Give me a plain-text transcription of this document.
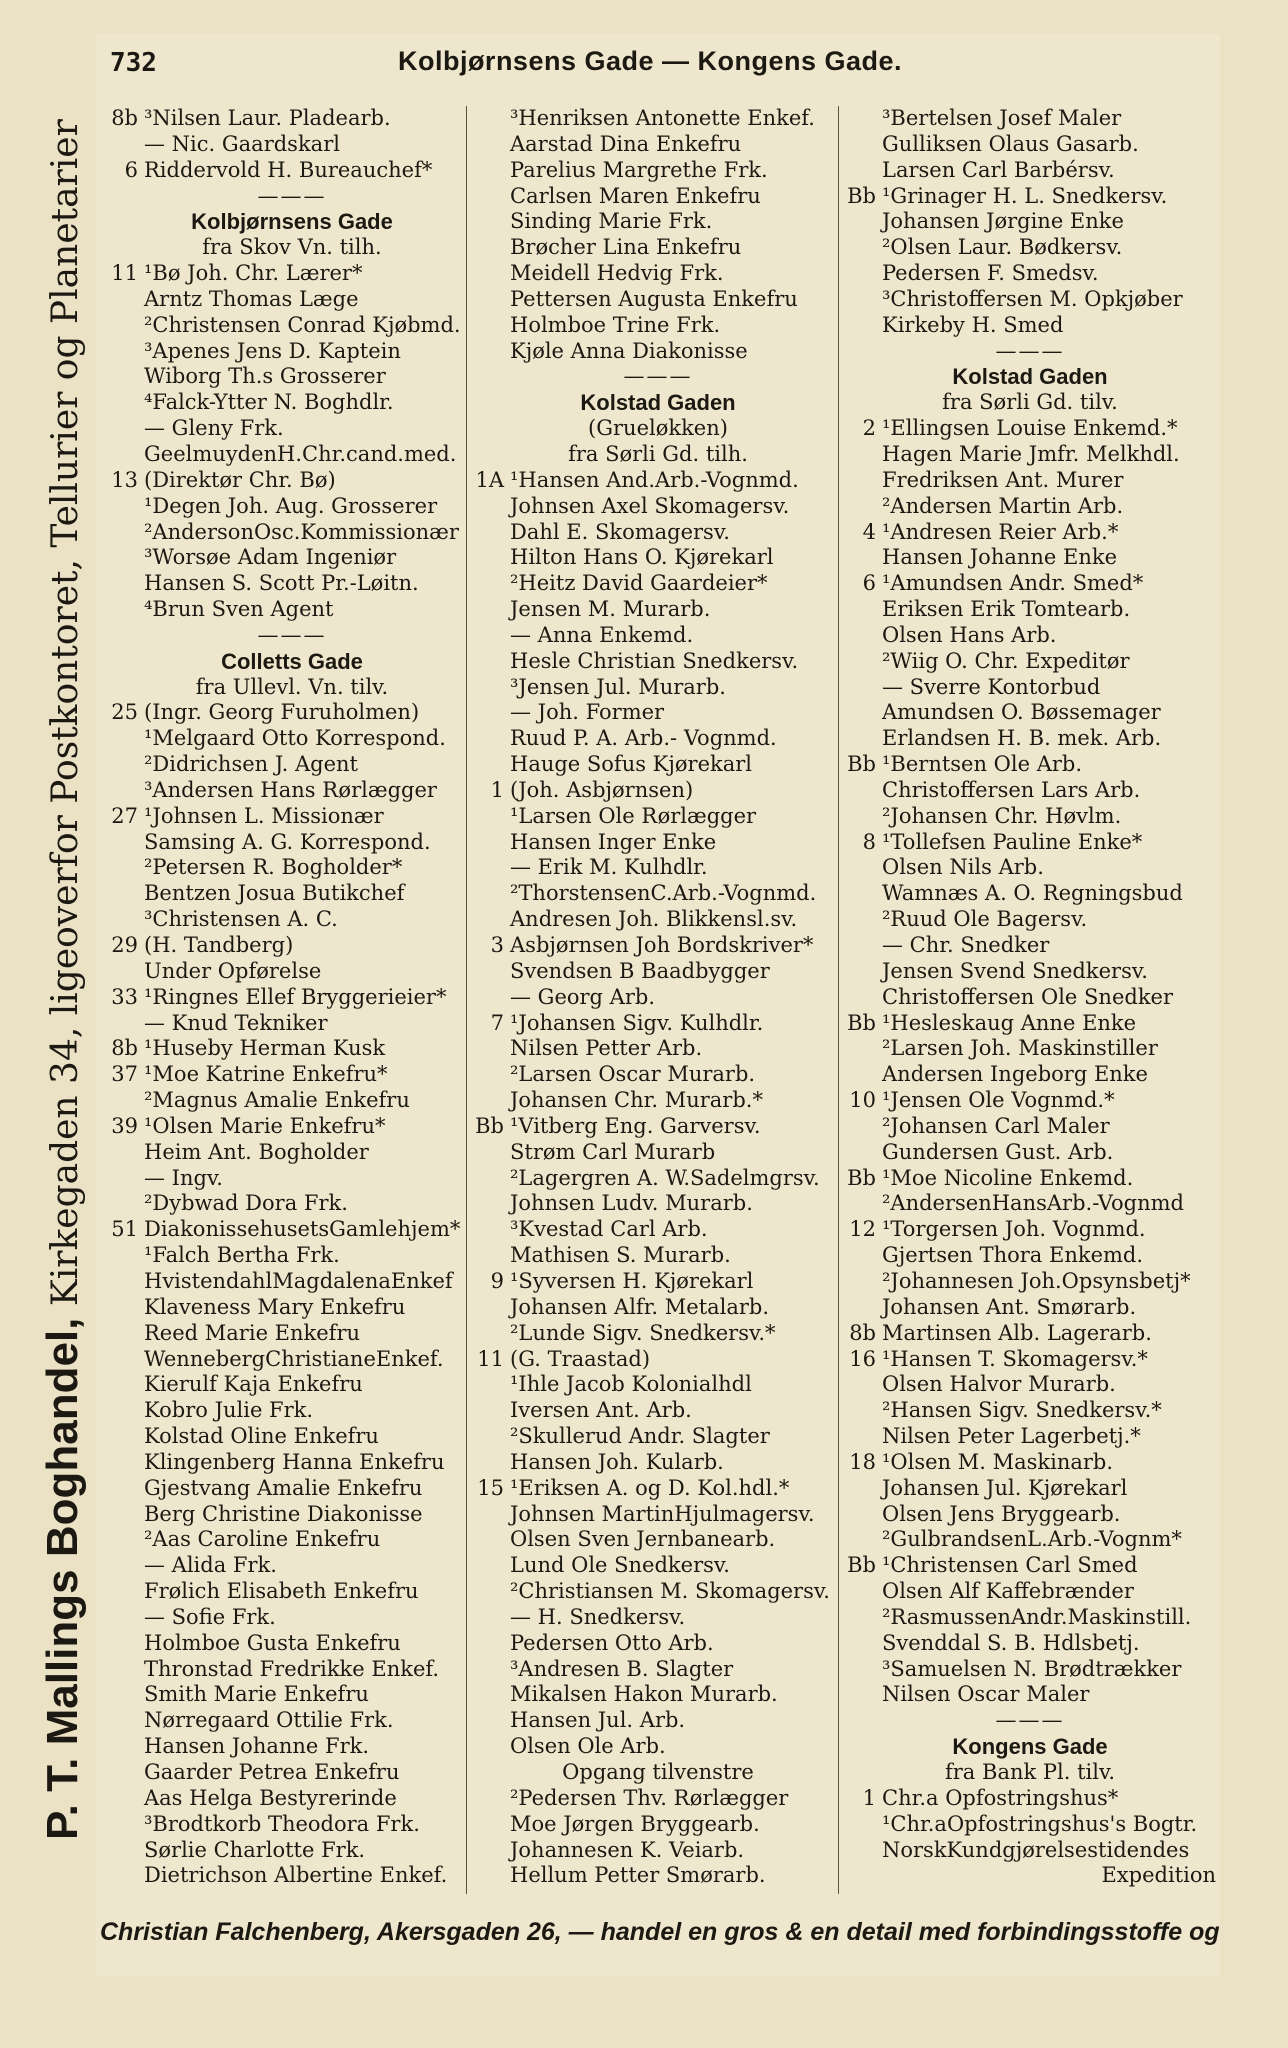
732	Kolbjørnsens Gade — Kongens Gade.
P. T. Mallings Boghandel, Kirkegaden 34, ligeoverfor Postkontoret, Tellurier og Planetarier
8b ³Nilsen Laur. Pladearb.
— Nic. Gaardskarl
6 Riddervold H. Bureauchef*
———
Kolbjørnsens Gade
fra Skov Vn. tilh.
11 ¹Bø Joh. Chr. Lærer*
Arntz Thomas Læge
²Christensen Conrad Kjøbmd.
³Apenes Jens D. Kaptein
Wiborg Th.s Grosserer
⁴Falck-Ytter N. Boghdlr.
— Gleny Frk.
GeelmuydenH.Chr.cand.med.
13 (Direktør Chr. Bø)
¹Degen Joh. Aug. Grosserer
²AndersonOsc.Kommissionær
³Worsøe Adam Ingeniør
Hansen S. Scott Pr.-Løitn.
⁴Brun Sven Agent
———
Colletts Gade
fra Ullevl. Vn. tilv.
25 (Ingr. Georg Furuholmen)
¹Melgaard Otto Korrespond.
²Didrichsen J. Agent
³Andersen Hans Rørlægger
27 ¹Johnsen L. Missionær
Samsing A. G. Korrespond.
²Petersen R. Bogholder*
Bentzen Josua Butikchef
³Christensen A. C.
29 (H. Tandberg)
Under Opførelse
33 ¹Ringnes Ellef Bryggerieier*
— Knud Tekniker
8b ¹Huseby Herman Kusk
37 ¹Moe Katrine Enkefru*
²Magnus Amalie Enkefru
39 ¹Olsen Marie Enkefru*
Heim Ant. Bogholder
— Ingv.
²Dybwad Dora Frk.
51 DiakonissehusetsGamlehjem*
¹Falch Bertha Frk.
HvistendahlMagdalenaEnkef
Klaveness Mary Enkefru
Reed Marie Enkefru
WennebergChristianeEnkef.
Kierulf Kaja Enkefru
Kobro Julie Frk.
Kolstad Oline Enkefru
Klingenberg Hanna Enkefru
Gjestvang Amalie Enkefru
Berg Christine Diakonisse
²Aas Caroline Enkefru
— Alida Frk.
Frølich Elisabeth Enkefru
— Sofie Frk.
Holmboe Gusta Enkefru
Thronstad Fredrikke Enkef.
Smith Marie Enkefru
Nørregaard Ottilie Frk.
Hansen Johanne Frk.
Gaarder Petrea Enkefru
Aas Helga Bestyrerinde
³Brodtkorb Theodora Frk.
Sørlie Charlotte Frk.
Dietrichson Albertine Enkef.
³Henriksen Antonette Enkef.
Aarstad Dina Enkefru
Parelius Margrethe Frk.
Carlsen Maren Enkefru
Sinding Marie Frk.
Brøcher Lina Enkefru
Meidell Hedvig Frk.
Pettersen Augusta Enkefru
Holmboe Trine Frk.
Kjøle Anna Diakonisse
———
Kolstad Gaden
(Grueløkken)
fra Sørli Gd. tilh.
1A ¹Hansen And.Arb.-Vognmd.
Johnsen Axel Skomagersv.
Dahl E. Skomagersv.
Hilton Hans O. Kjørekarl
²Heitz David Gaardeier*
Jensen M. Murarb.
— Anna Enkemd.
Hesle Christian Snedkersv.
³Jensen Jul. Murarb.
— Joh. Former
Ruud P. A. Arb.- Vognmd.
Hauge Sofus Kjørekarl
1 (Joh. Asbjørnsen)
¹Larsen Ole Rørlægger
Hansen Inger Enke
— Erik M. Kulhdlr.
²ThorstensenC.Arb.-Vognmd.
Andresen Joh. Blikkensl.sv.
3 Asbjørnsen Joh Bordskriver*
Svendsen B Baadbygger
— Georg Arb.
7 ¹Johansen Sigv. Kulhdlr.
Nilsen Petter Arb.
²Larsen Oscar Murarb.
Johansen Chr. Murarb.*
Bb ¹Vitberg Eng. Garversv.
Strøm Carl Murarb
²Lagergren A. W.Sadelmgrsv.
Johnsen Ludv. Murarb.
³Kvestad Carl Arb.
Mathisen S. Murarb.
9 ¹Syversen H. Kjørekarl
Johansen Alfr. Metalarb.
²Lunde Sigv. Snedkersv.*
11 (G. Traastad)
¹Ihle Jacob Kolonialhdl
Iversen Ant. Arb.
²Skullerud Andr. Slagter
Hansen Joh. Kularb.
15 ¹Eriksen A. og D. Kol.hdl.*
Johnsen MartinHjulmagersv.
Olsen Sven Jernbanearb.
Lund Ole Snedkersv.
²Christiansen M. Skomagersv.
— H. Snedkersv.
Pedersen Otto Arb.
³Andresen B. Slagter
Mikalsen Hakon Murarb.
Hansen Jul. Arb.
Olsen Ole Arb.
Opgang tilvenstre
²Pedersen Thv. Rørlægger
Moe Jørgen Bryggearb.
Johannesen K. Veiarb.
Hellum Petter Smørarb.
³Bertelsen Josef Maler
Gulliksen Olaus Gasarb.
Larsen Carl Barbérsv.
Bb ¹Grinager H. L. Snedkersv.
Johansen Jørgine Enke
²Olsen Laur. Bødkersv.
Pedersen F. Smedsv.
³Christoffersen M. Opkjøber
Kirkeby H. Smed
———
Kolstad Gaden
fra Sørli Gd. tilv.
2 ¹Ellingsen Louise Enkemd.*
Hagen Marie Jmfr. Melkhdl.
Fredriksen Ant. Murer
²Andersen Martin Arb.
4 ¹Andresen Reier Arb.*
Hansen Johanne Enke
6 ¹Amundsen Andr. Smed*
Eriksen Erik Tomtearb.
Olsen Hans Arb.
²Wiig O. Chr. Expeditør
— Sverre Kontorbud
Amundsen O. Bøssemager
Erlandsen H. B. mek. Arb.
Bb ¹Berntsen Ole Arb.
Christoffersen Lars Arb.
²Johansen Chr. Høvlm.
8 ¹Tollefsen Pauline Enke*
Olsen Nils Arb.
Wamnæs A. O. Regningsbud
²Ruud Ole Bagersv.
— Chr. Snedker
Jensen Svend Snedkersv.
Christoffersen Ole Snedker
Bb ¹Hesleskaug Anne Enke
²Larsen Joh. Maskinstiller
Andersen Ingeborg Enke
10 ¹Jensen Ole Vognmd.*
²Johansen Carl Maler
Gundersen Gust. Arb.
Bb ¹Moe Nicoline Enkemd.
²AndersenHansArb.-Vognmd
12 ¹Torgersen Joh. Vognmd.
Gjertsen Thora Enkemd.
²Johannesen Joh.Opsynsbetj*
Johansen Ant. Smørarb.
8b Martinsen Alb. Lagerarb.
16 ¹Hansen T. Skomagersv.*
Olsen Halvor Murarb.
²Hansen Sigv. Snedkersv.*
Nilsen Peter Lagerbetj.*
18 ¹Olsen M. Maskinarb.
Johansen Jul. Kjørekarl
Olsen Jens Bryggearb.
²GulbrandsenL.Arb.-Vognm*
Bb ¹Christensen Carl Smed
Olsen Alf Kaffebrænder
²RasmussenAndr.Maskinstill.
Svenddal S. B. Hdlsbetj.
³Samuelsen N. Brødtrækker
Nilsen Oscar Maler
———
Kongens Gade
fra Bank Pl. tilv.
1 Chr.a Opfostringshus*
¹Chr.aOpfostringshus's Bogtr.
NorskKundgjørelsestidendes
Expedition
Christian Falchenberg, Akersgaden 26, — handel en gros & en detail med forbindingsstoffe og
